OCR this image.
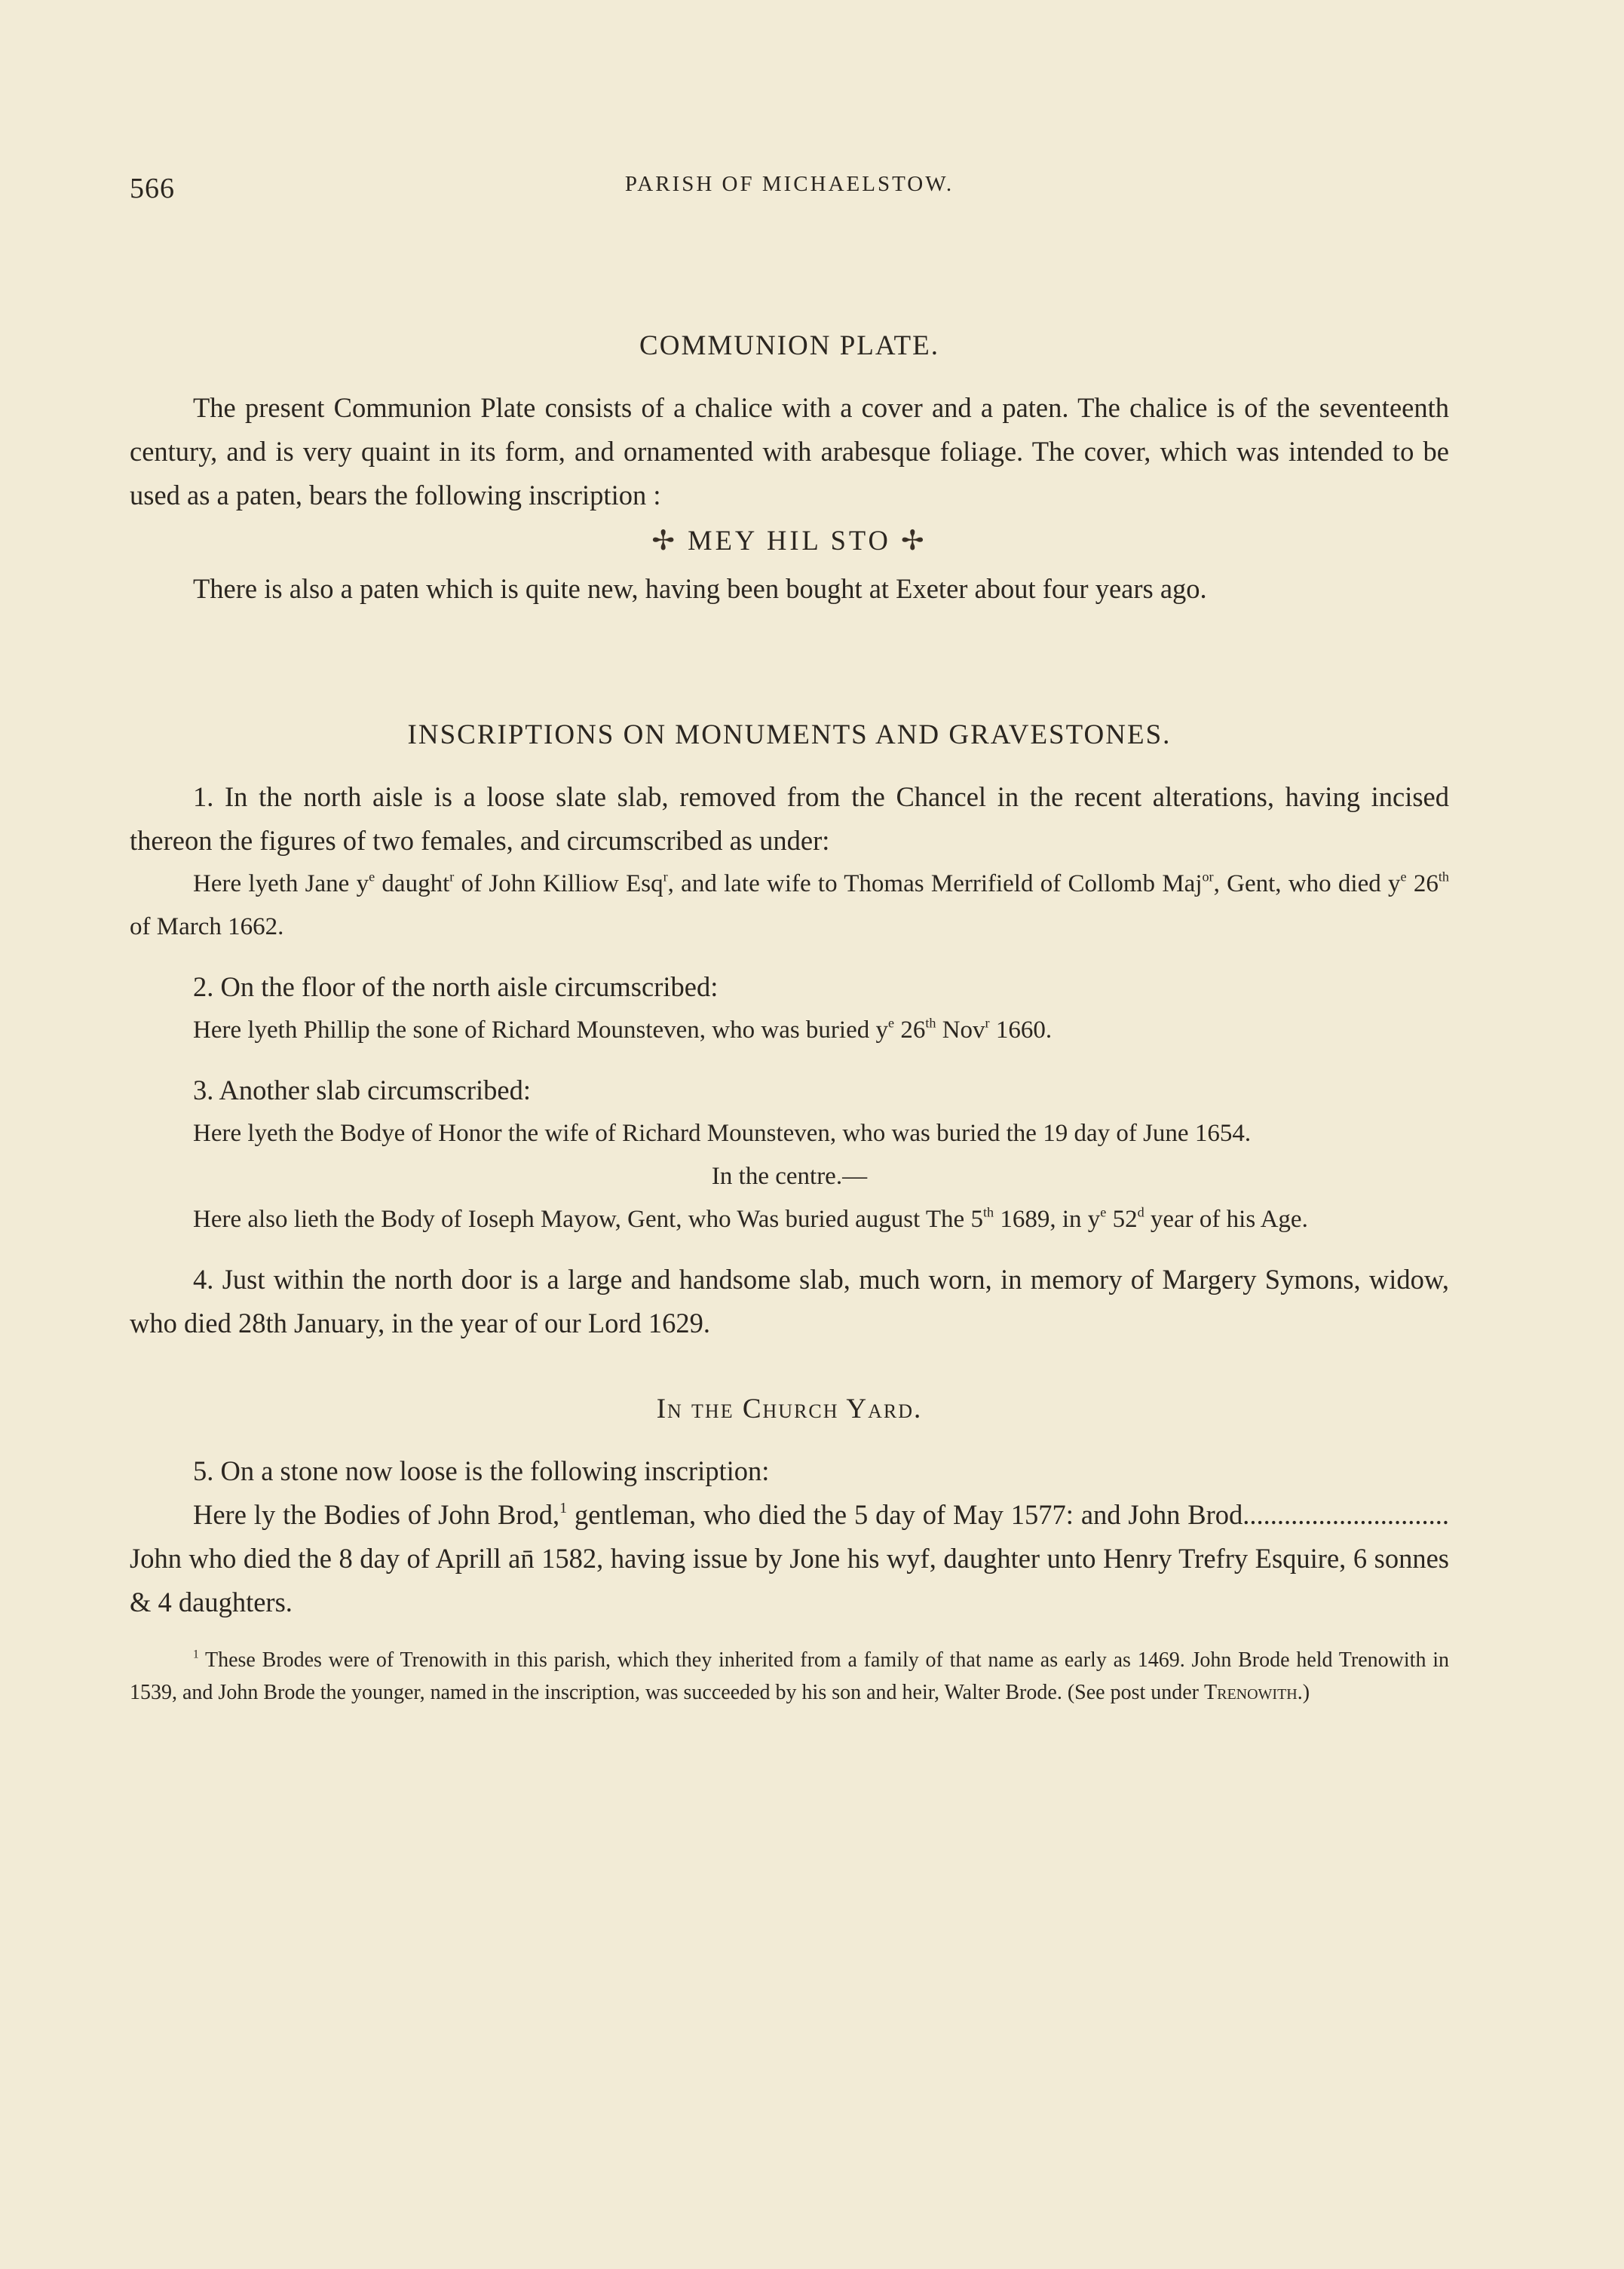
566	PARISH OF MICHAELSTOW.
COMMUNION PLATE.

The present Communion Plate consists of a chalice with a cover and a paten. The chalice is of the seventeenth century, and is very quaint in its form, and ornamented with arabesque foliage. The cover, which was intended to be used as a paten, bears the following inscription :

✢ MEY HIL STO ✢

There is also a paten which is quite new, having been bought at Exeter about four years ago.

INSCRIPTIONS ON MONUMENTS AND GRAVESTONES.

1. In the north aisle is a loose slate slab, removed from the Chancel in the recent alterations, having incised thereon the figures of two females, and circumscribed as under:

Here lyeth Jane $y^e$ daught$^r$ of John Killiow Esq$^r$, and late wife to Thomas Merrifield of Collomb Maj$^{or}$, Gent, who died $y^e$ 26th of March 1662.

2. On the floor of the north aisle circumscribed:

Here lyeth Phillip the sone of Richard Mounsteven, who was buried $y^e$ 26th Nov$^r$ 1660.

3. Another slab circumscribed:

Here lyeth the Bodye of Honor the wife of Richard Mounsteven, who was buried the 19 day of June 1654.

In the centre.—

Here also lieth the Body of Ioseph Mayow, Gent, who Was buried august The 5th 1689, in $y^e$ 52$^d$ year of his Age.

4. Just within the north door is a large and handsome slab, much worn, in memory of Margery Symons, widow, who died 28th January, in the year of our Lord 1629.

In the Church Yard.

5. On a stone now loose is the following inscription:

Here ly the Bodies of John Brod,$^1$ gentleman, who died the 5 day of May 1577: and John Brod.............................. John who died the 8 day of Aprill an̄ 1582, having issue by Jone his wyf, daughter unto Henry Trefry Esquire, 6 sonnes & 4 daughters.

$^1$ These Brodes were of Trenowith in this parish, which they inherited from a family of that name as early as 1469. John Brode held Trenowith in 1539, and John Brode the younger, named in the inscription, was succeeded by his son and heir, Walter Brode. (See post under Trenowith.)
